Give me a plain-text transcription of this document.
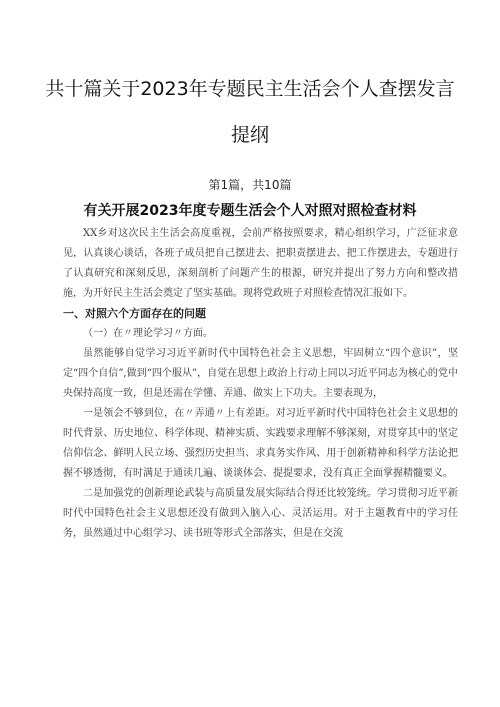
共十篇关于2023年专题民主生活会个人查摆发言
提纲
第1篇，共10篇
有关开展2023年度专题生活会个人对照对照检查材料

XX乡对这次民主生活会高度重视，会前严格按照要求，精心组织学习，广泛征求意见，认真谈心谈话，各班子成员把自己摆进去、把职责摆进去、把工作摆进去，专题进行了认真研究和深刻反思，深刻剖析了问题产生的根源，研究并提出了努力方向和整改措施，为开好民主生活会奠定了坚实基础。现将党政班子对照检查情况汇报如下。

一、对照六个方面存在的问题

（一）在〃理论学习〃方面。

虽然能够自觉学习习近平新时代中国特色社会主义思想，牢固树立“四个意识”，坚定“四个自信”,做到“四个服从”，自觉在思想上政治上行动上同以习近平同志为核心的党中央保持高度一致，但是还需在学懂、弄通、做实上下功夫。主要表现为，

一是领会不够到位，在〃弄通〃上有差距。对习近平新时代中国特色社会主义思想的时代背景、历史地位、科学体现、精神实质、实践要求理解不够深刻，对贯穿其中的坚定信仰信念、鲜明人民立场、强烈历史担当、求真务实作风、用于创新精神和科学方法论把握不够透彻，有时满足于通读几遍、谈谈体会、提提要求，没有真正全面掌握精髓要义。

二是加强党的创新理论武装与高质量发展实际结合得还比较笼统。学习贯彻习近平新时代中国特色社会主义思想还没有做到入脑入心、灵活运用。对于主题教育中的学习任务，虽然通过中心组学习、读书班等形式全部落实，但是在交流
